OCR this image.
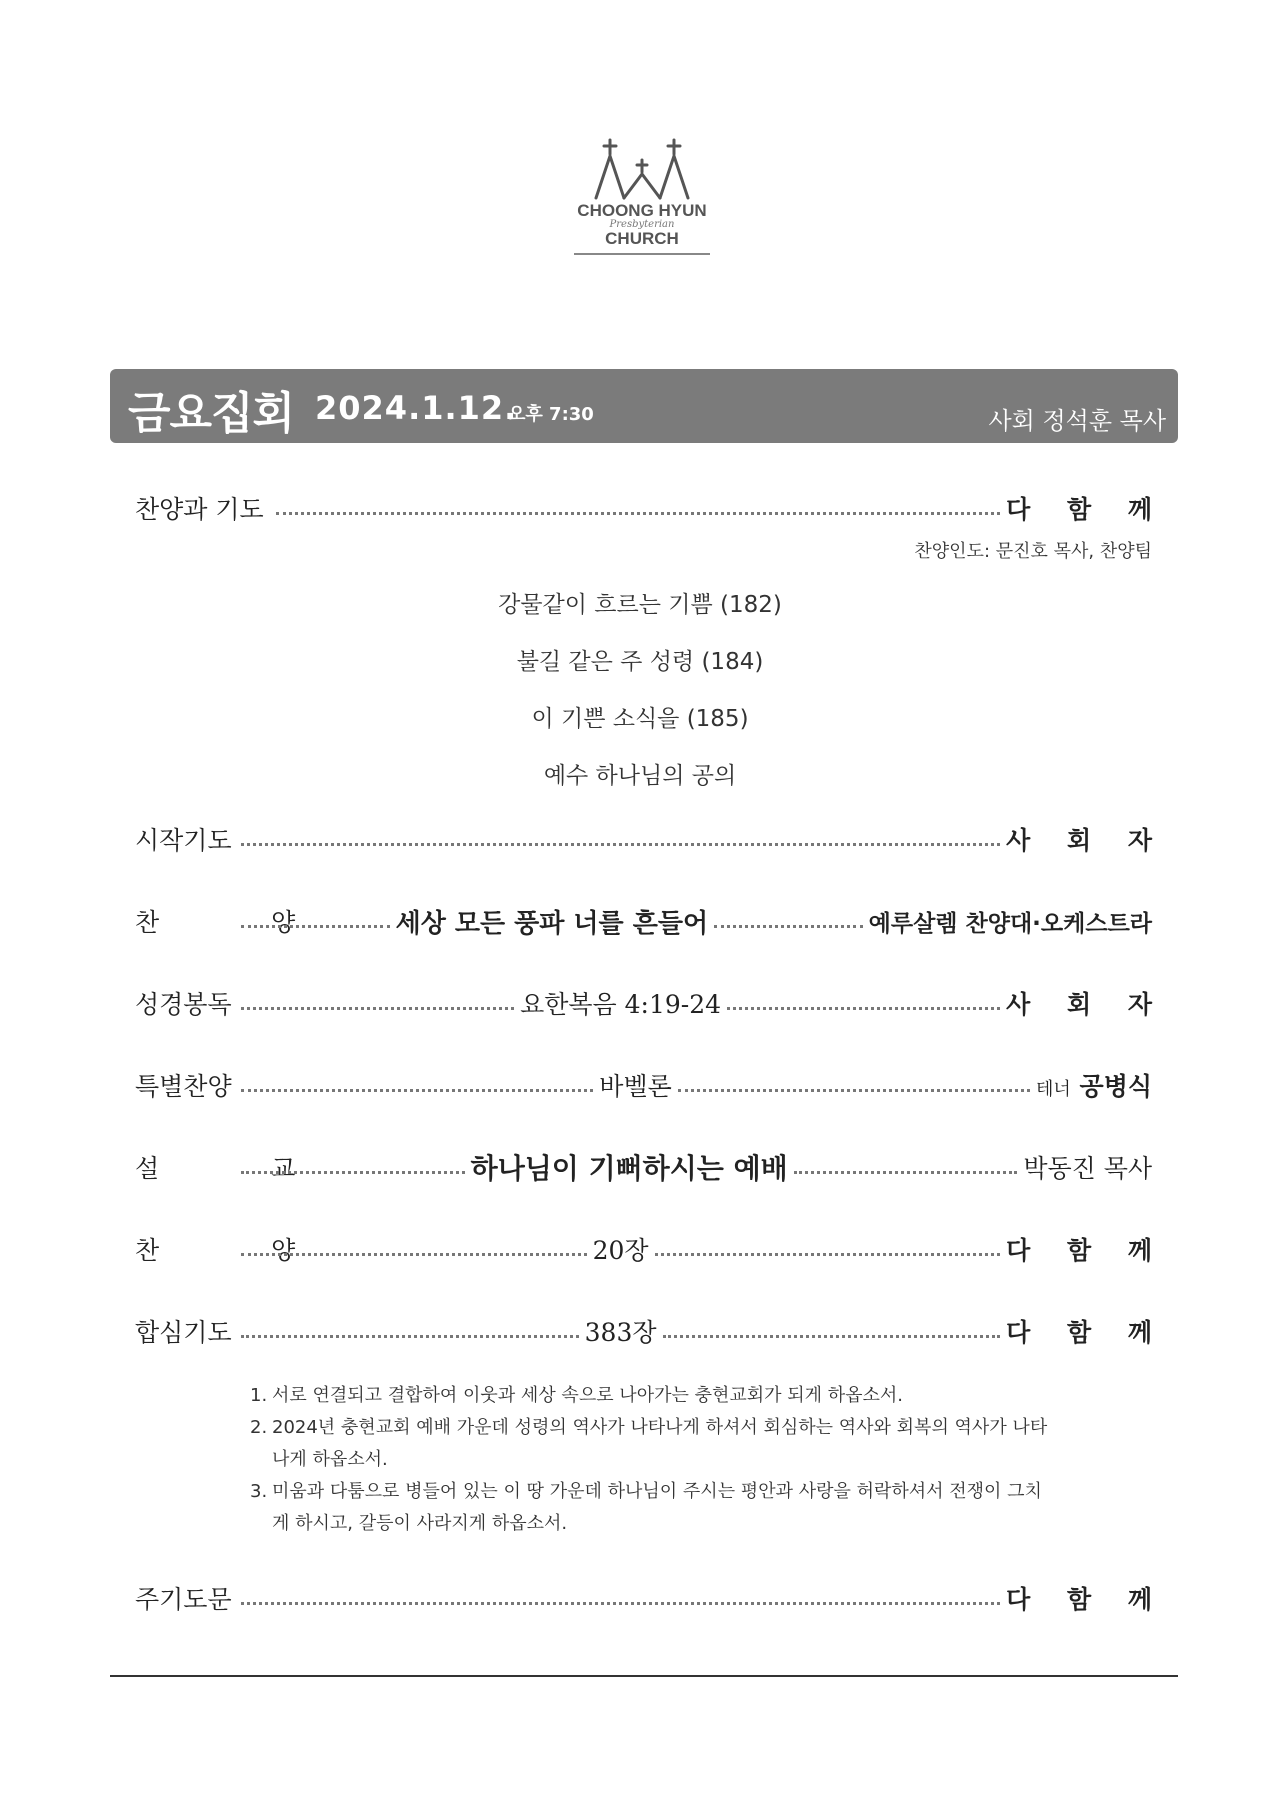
CHOONG HYUN
Presbyterian
CHURCH
금요집회 2024.1.12.
오후 7:30	사회 정석훈 목사
찬양과 기도	다 함 께
찬양인도: 문진호 목사, 찬양팀
강물같이 흐르는 기쁨 (182)
불길 같은 주 성령 (184)
이 기쁜 소식을 (185)
예수 하나님의 공의
시작기도	사 회 자
찬 양 세상 모든 풍파 너를 흔들어	예루살렘 찬양대·오케스트라
성경봉독	요한복음 4:19-24	사 회 자
특별찬양	바벨론	테너 공병식
설 교	하나님이 기뻐하시는 예배	박동진 목사
찬 양	20장	다 함 께
합심기도	383장	다 함 께
1. 서로 연결되고 결합하여 이웃과 세상 속으로 나아가는 충현교회가 되게 하옵소서.
2. 2024년 충현교회 예배 가운데 성령의 역사가 나타나게 하셔서 회심하는 역사와 회복의 역사가 나타나게 하옵소서.
3. 미움과 다툼으로 병들어 있는 이 땅 가운데 하나님이 주시는 평안과 사랑을 허락하셔서 전쟁이 그치게 하시고, 갈등이 사라지게 하옵소서.
주기도문	다 함 께
